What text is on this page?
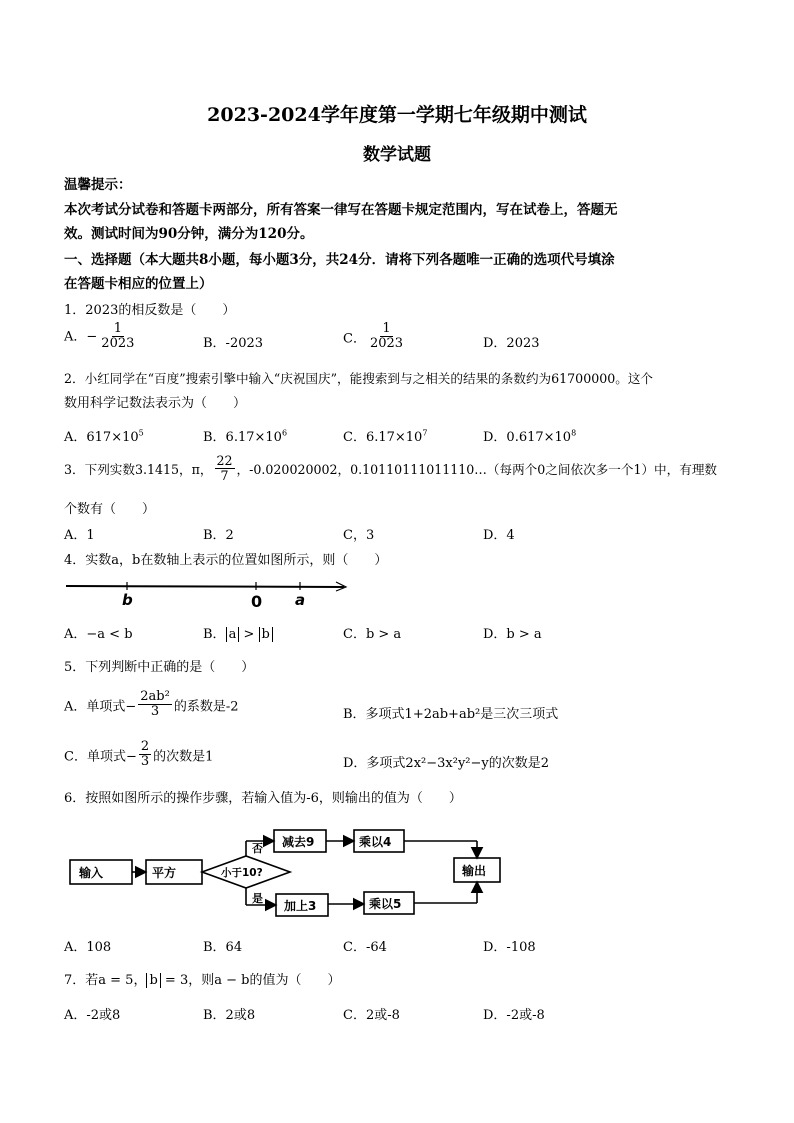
2023-2024学年度第一学期七年级期中测试
数学试题
温馨提示：
本次考试分试卷和答题卡两部分，所有答案一律写在答题卡规定范围内，写在试卷上，答题无
效。测试时间为90分钟，满分为120分。
一、选择题（本大题共8小题，每小题3分，共24分．请将下列各题唯一正确的选项代号填涂
在答题卡相应的位置上）
1．2023的相反数是（　　）
A．− $\frac{1}{2023}$	B．-2023	C． $\frac{1}{2023}$	D．2023
2．小红同学在“百度”搜索引擎中输入“庆祝国庆”，能搜索到与之相关的结果的条数约为61700000。这个
数用科学记数法表示为（　　）
A．$617\times 10^5$	B．$6.17\times 10^6$	C．$6.17\times 10^7$	D．$0.617\times 10^8$
3．下列实数3.1415，π， $\frac{22}{7}$ ，-0.020020002，0.10110111011110…（每两个0之间依次多一个1）中，有理数
个数有（　　）
A．1	B．2	C，3	D．4
4．实数a，b在数轴上表示的位置如图所示，则（　　）
b	0 a
A．−a < b	B． a > b	C．b > a	D．b > a
5．下列判断中正确的是（　　）
A．单项式− $\frac{\text{2ab²}}{3}$ 的系数是-2
B．多项式1+2ab+ab²是三次三项式
C．单项式− $\frac{2}{3}$ 的次数是1	D．多项式2x²−3x²y²−y的次数是2
6．按照如图所示的操作步骤，若输入值为-6，则输出的值为（　　）
输入	平方	小于10?
否
是
减去9	乘以4
加上3	乘以5
输出
A．108	B．64	C．-64	D．-108
7．若a = 5， b = 3，则a − b的值为（　　）
A．-2或8	B．2或8	C．2或-8	D．-2或-8
